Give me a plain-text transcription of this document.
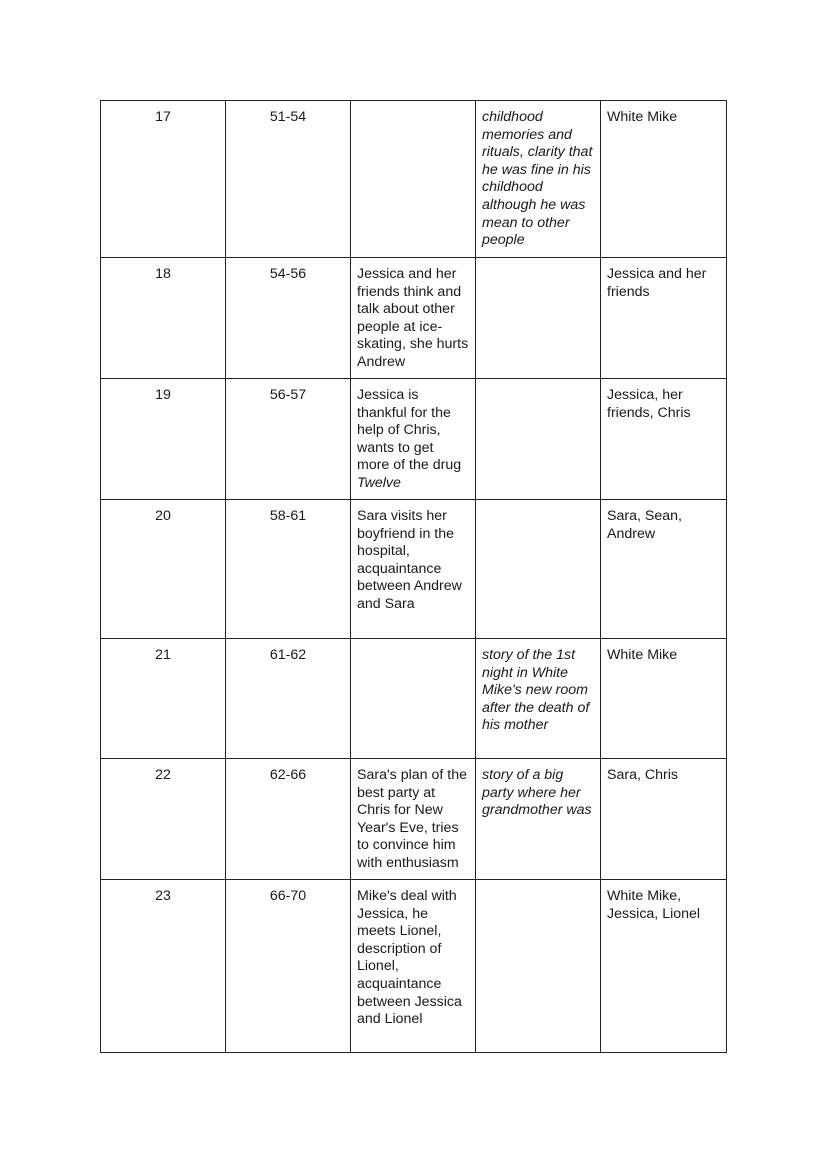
17	51-54		childhood memories and rituals, clarity that he was fine in his childhood although he was mean to other people	White Mike
18	54-56	Jessica and her friends think and talk about other people at ice-skating, she hurts Andrew		Jessica and her friends
19	56-57	Jessica is thankful for the help of Chris, wants to get more of the drug Twelve		Jessica, her friends, Chris
20	58-61	Sara visits her boyfriend in the hospital, acquaintance between Andrew and Sara		Sara, Sean, Andrew
21	61-62		story of the 1st night in White Mike's new room after the death of his mother	White Mike
22	62-66	Sara's plan of the best party at Chris for New Year's Eve, tries to convince him with enthusiasm	story of a big party where her grandmother was	Sara, Chris
23	66-70	Mike's deal with Jessica, he meets Lionel, description of Lionel, acquaintance between Jessica and Lionel		White Mike, Jessica, Lionel
